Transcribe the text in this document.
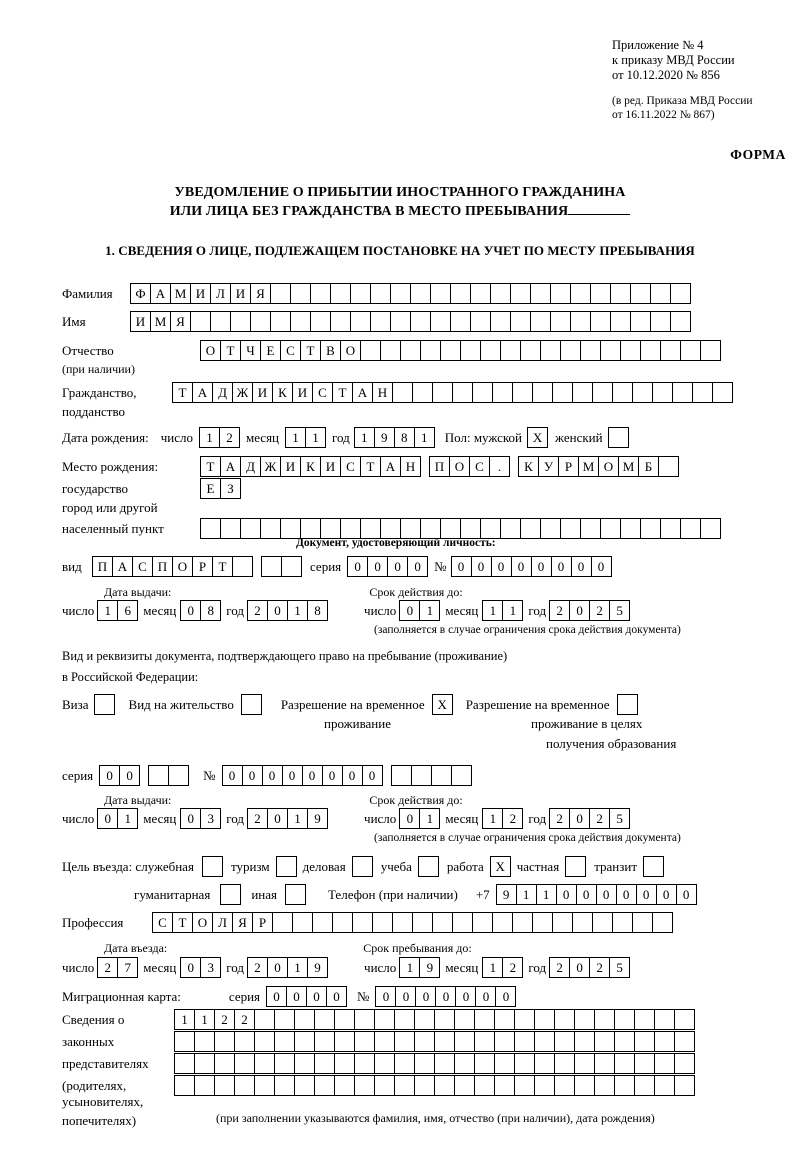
Приложение № 4
к приказу МВД России
от 10.12.2020 № 856
(в ред. Приказа МВД России
от 16.11.2022 № 867)
ФОРМА
УВЕДОМЛЕНИЕ О ПРИБЫТИИ ИНОСТРАННОГО ГРАЖДАНИНА
ИЛИ ЛИЦА БЕЗ ГРАЖДАНСТВА В МЕСТО ПРЕБЫВАНИЯ
1. СВЕДЕНИЯ О ЛИЦЕ, ПОДЛЕЖАЩЕМ ПОСТАНОВКЕ НА УЧЕТ ПО МЕСТУ ПРЕБЫВАНИЯ
Фамилия	Ф А М И Л И Я
Имя	И М Я
Отчество	О Т Ч Е С Т В О
(при наличии)
Гражданство,	Т А Д Ж И К И С Т А Н
подданство
Дата рождения: число	1	2	месяц	1	1	год 1	9	8	1	Пол: мужской X женский
Место рождения:	Т А Д Ж И К И С Т А Н	П О С	.	К У Р М О М Б
государство	Е З
город или другой
населенный пункт
Документ, удостоверяющий личность:
вид	П А С П О Р Т	серия	0	0	0	0	№ 0	0	0	0	0	0	0	0
Дата выдачи:	Срок действия до:
число 1	6 месяц 0	8 год 2	0	1	8	число 0	1 месяц 1	1 год 2	0	2	5
(заполняется в случае ограничения срока действия документа)
Вид и реквизиты документа, подтверждающего право на пребывание (проживание)
в Российской Федерации:
Виза	Вид на жительство	Разрешение на временное X	Разрешение на временное
проживание	проживание в целях
получения образования
серия	0	0	№	0	0	0	0	0	0	0	0
Дата выдачи:	Срок действия до:
число 0	1 месяц 0	3 год 2	0	1	9	число 0	1 месяц 1	2 год 2	0	2	5
(заполняется в случае ограничения срока действия документа)
Цель въезда: служебная	туризм	деловая	учеба	работа X частная	транзит
гуманитарная	иная	Телефон (при наличии) +7	9	1	1	0	0	0	0	0	0	0
Профессия	С Т О Л Я Р
Дата въезда:	Срок пребывания до:
число 2	7 месяц 0	3 год 2	0	1	9	число 1	9 месяц 1	2 год 2	0	2	5
Миграционная карта:	серия	0	0	0	0	№	0	0	0	0	0	0	0
Сведения о	1	1	2	2
законных
представителях
(родителях,
усыновителях,
попечителях)	(при заполнении указываются фамилия, имя, отчество (при наличии), дата рождения)
